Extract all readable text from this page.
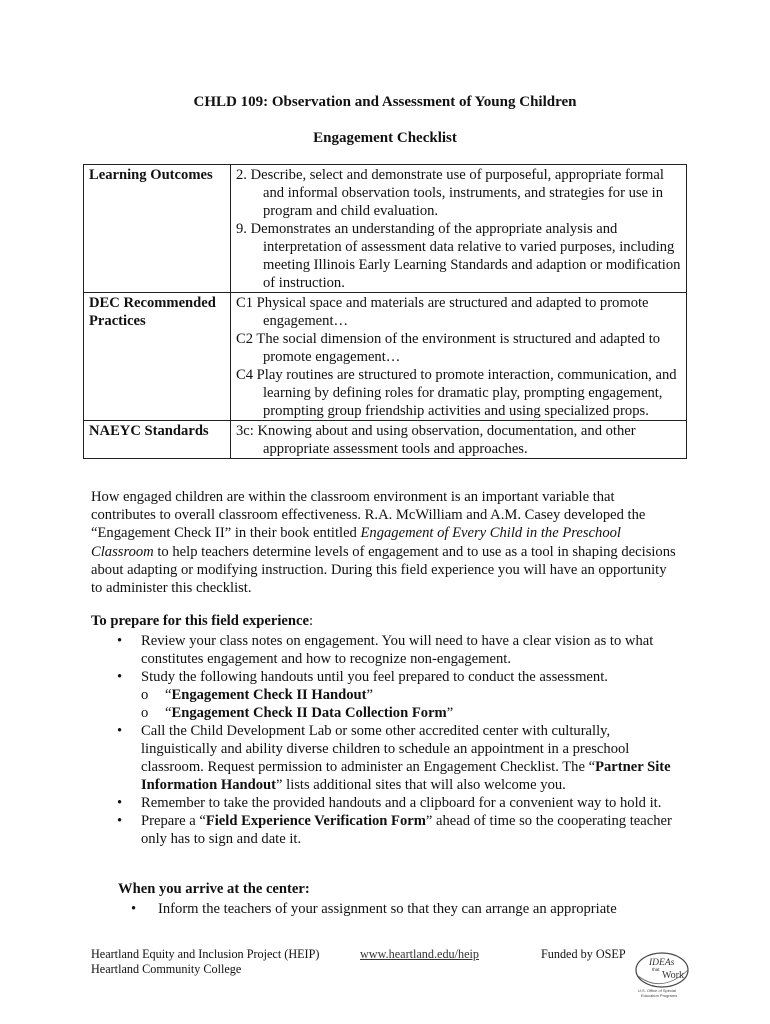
CHLD 109: Observation and Assessment of Young Children
Engagement Checklist
Learning Outcomes	2. Describe, select and demonstrate use of purposeful, appropriate formal and informal observation tools, instruments, and strategies for use in program and child evaluation.
9. Demonstrates an understanding of the appropriate analysis and interpretation of assessment data relative to varied purposes, including meeting Illinois Early Learning Standards and adaption or modification of instruction.

DEC Recommended Practices	C1 Physical space and materials are structured and adapted to promote engagement…
C2 The social dimension of the environment is structured and adapted to promote engagement…
C4 Play routines are structured to promote interaction, communication, and learning by defining roles for dramatic play, prompting engagement, prompting group friendship activities and using specialized props.

NAEYC Standards	3c: Knowing about and using observation, documentation, and other appropriate assessment tools and approaches.
How engaged children are within the classroom environment is an important variable that contributes to overall classroom effectiveness. R.A. McWilliam and A.M. Casey developed the “Engagement Check II” in their book entitled Engagement of Every Child in the Preschool Classroom to help teachers determine levels of engagement and to use as a tool in shaping decisions about adapting or modifying instruction. During this field experience you will have an opportunity to administer this checklist.
To prepare for this field experience:
• Review your class notes on engagement. You will need to have a clear vision as to what constitutes engagement and how to recognize non-engagement.
• Study the following handouts until you feel prepared to conduct the assessment.
o “Engagement Check II Handout”
o “Engagement Check II Data Collection Form”
• Call the Child Development Lab or some other accredited center with culturally, linguistically and ability diverse children to schedule an appointment in a preschool classroom. Request permission to administer an Engagement Checklist. The “Partner Site Information Handout” lists additional sites that will also welcome you.
• Remember to take the provided handouts and a clipboard for a convenient way to hold it.
• Prepare a “Field Experience Verification Form” ahead of time so the cooperating teacher only has to sign and date it.
When you arrive at the center:
• Inform the teachers of your assignment so that they can arrange an appropriate
Heartland Equity and Inclusion Project (HEIP)
Heartland Community College
www.heartland.edu/heip	Funded by OSEP
IDEAs
that
Work
U.S. Office of Special
Education Programs
